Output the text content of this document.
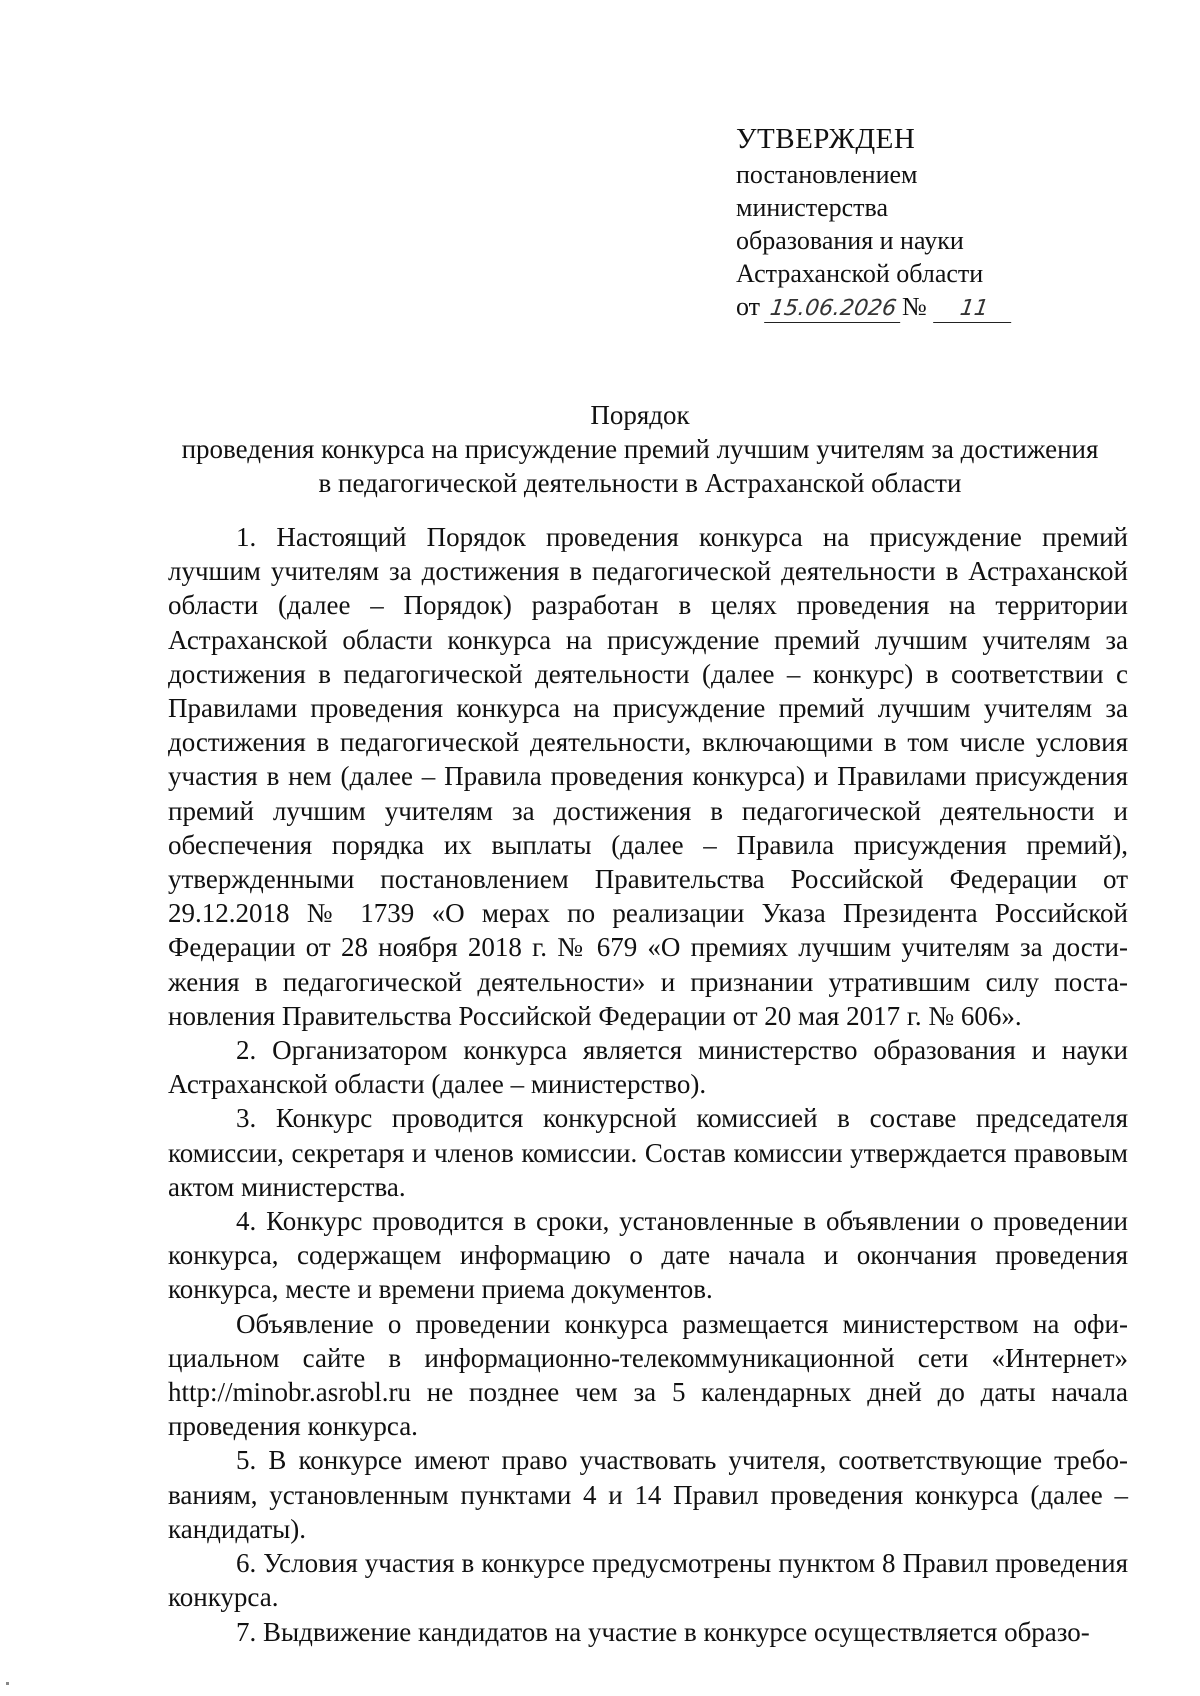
УТВЕРЖДЕН
постановлением
министерства
образования и науки
Астраханской области
от 15.06.2026 №	11
Порядок
проведения конкурса на присуждение премий лучшим учителям за достижения
в педагогической деятельности в Астраханской области

1. Настоящий Порядок проведения конкурса на присуждение премий лучшим учителям за достижения в педагогической деятельности в Астраханской области (далее – Порядок) разработан в целях проведения на территории Астраханской области конкурса на присуждение премий лучшим учителям за достижения в педагогической деятельности (далее – конкурс) в соответствии с Правилами проведения конкурса на присуждение премий лучшим учителям за достижения в педагогической деятельности, включающими в том числе условия участия в нем (далее – Правила проведения конкурса) и Правилами присуждения премий лучшим учителям за достижения в педагогической деятельности и обеспечения порядка их выплаты (далее – Правила присуждения премий), утвержденными постановлением Правительства Российской Федерации от 29.12.2018 № 1739 «О мерах по реализации Указа Президента Российской Федерации от 28 ноября 2018 г. № 679 «О премиях лучшим учителям за достижения в педагогической деятельности» и признании утратившим силу постановления Правительства Российской Федерации от 20 мая 2017 г. № 606».

2. Организатором конкурса является министерство образования и науки Астраханской области (далее – министерство).

3. Конкурс проводится конкурсной комиссией в составе председателя комиссии, секретаря и членов комиссии. Состав комиссии утверждается правовым актом министерства.

4. Конкурс проводится в сроки, установленные в объявлении о проведении конкурса, содержащем информацию о дате начала и окончания проведения конкурса, месте и времени приема документов.

Объявление о проведении конкурса размещается министерством на официальном сайте в информационно-телекоммуникационной сети «Интернет» http://minobr.asrobl.ru не позднее чем за 5 календарных дней до даты начала проведения конкурса.

5. В конкурсе имеют право участвовать учителя, соответствующие требованиям, установленным пунктами 4 и 14 Правил проведения конкурса (далее – кандидаты).

6. Условия участия в конкурсе предусмотрены пунктом 8 Правил проведения конкурса.

7. Выдвижение кандидатов на участие в конкурсе осуществляется образо-
